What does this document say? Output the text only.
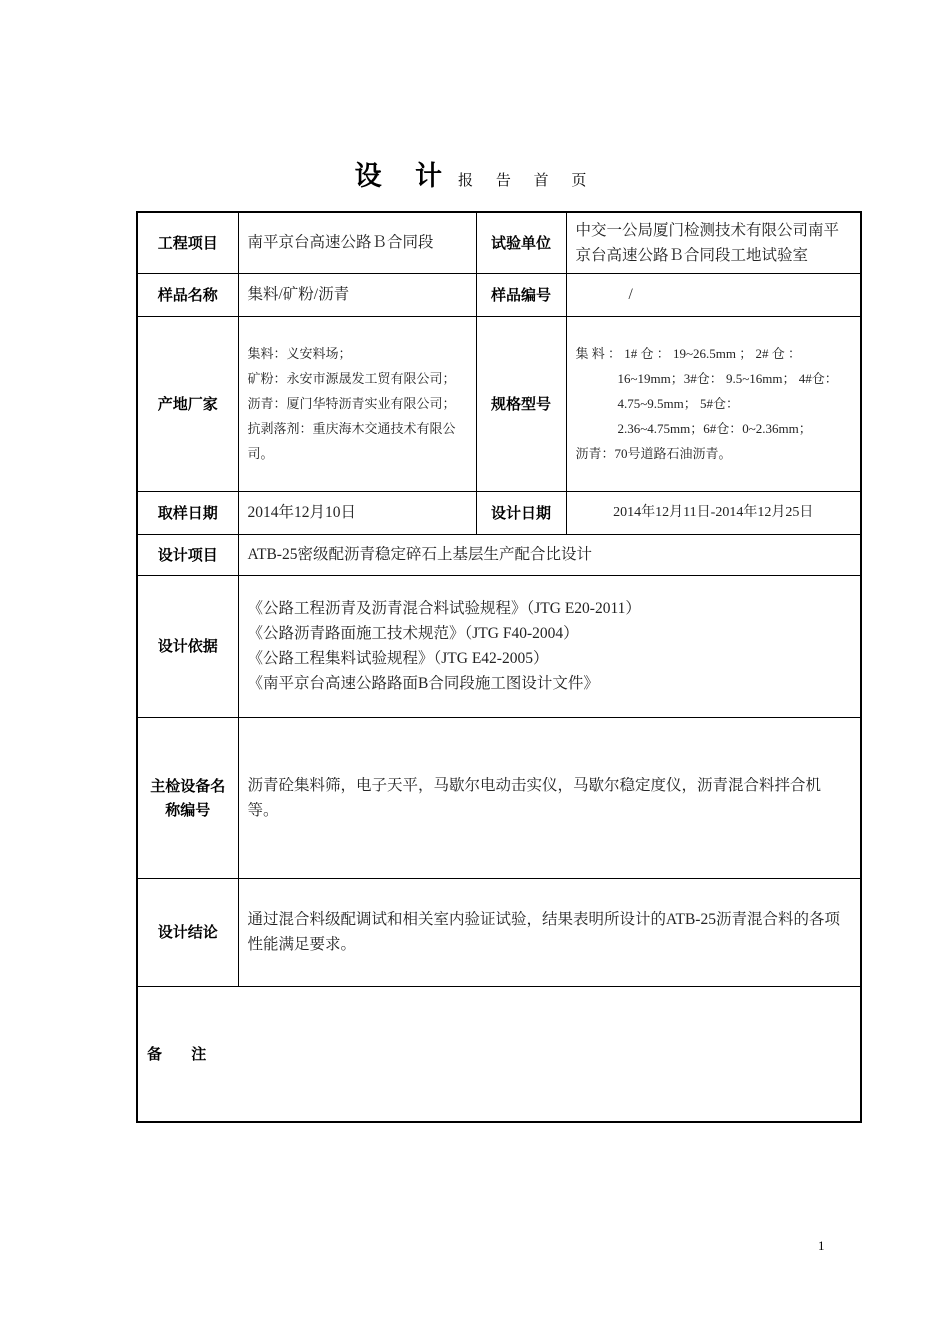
设 计 报 告 首 页
工程项目	南平京台高速公路Ｂ合同段	试验单位	中交一公局厦门检测技术有限公司南平京台高速公路Ｂ合同段工地试验室
样品名称	集料/矿粉/沥青	样品编号	/
产地厂家	集料：义安料场；
矿粉：永安市源晟发工贸有限公司；
沥青：厦门华特沥青实业有限公司；
抗剥落剂：重庆海木交通技术有限公司。	规格型号	集 料 ： 1# 仓 ： 19~26.5mm ； 2# 仓 ：
16~19mm；3#仓： 9.5~16mm； 4#仓： 4.75~9.5mm； 5#仓：
2.36~4.75mm；6#仓：0~2.36mm；
沥青：70号道路石油沥青。

取样日期	2014年12月10日	设计日期	2014年12月11日-2014年12月25日
设计项目	ATB-25密级配沥青稳定碎石上基层生产配合比设计		
设计依据	《公路工程沥青及沥青混合料试验规程》（JTG E20-2011）
《公路沥青路面施工技术规范》（JTG F40-2004）
《公路工程集料试验规程》（JTG E42-2005）
《南平京台高速公路路面B合同段施工图设计文件》		

主检设备名
称编号	沥青砼集料筛，电子天平，马歇尔电动击实仪，马歇尔稳定度仪，沥青混合料拌合机等。		
设计结论	通过混合料级配调试和相关室内验证试验，结果表明所设计的ATB-25沥青混合料的各项性能满足要求。		
备 注			
1
